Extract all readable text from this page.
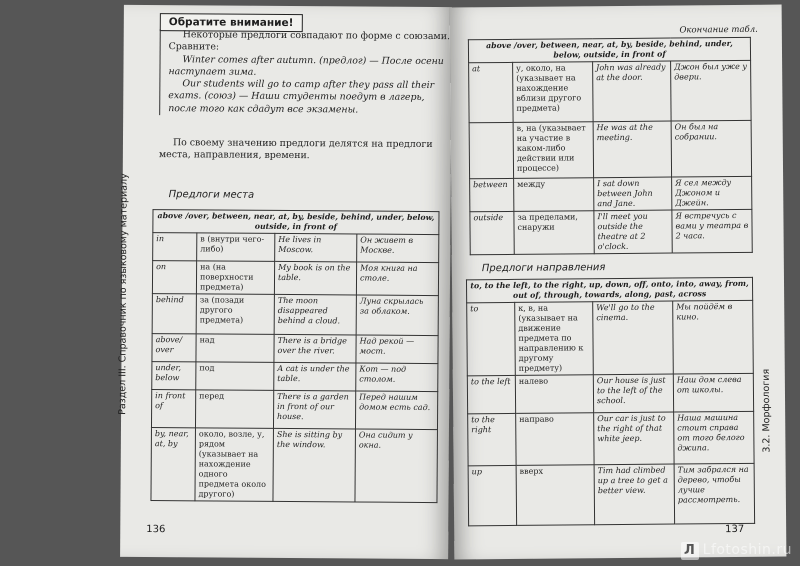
Раздел III. Справочник по языковому материалу
Обратите внимание!

Некоторые предлоги совпадают по форме с союзами. Сравните:

Winter comes after autumn. (предлог) — После осени наступает зима.

Our students will go to camp after they pass all their exams. (союз) — Наши студенты поедут в лагерь, после того как сдадут все экзамены.

По своему значению предлоги делятся на предлоги места, направления, времени.
Предлоги места
above /over, between, near, at, by, beside, behind, under, below, outside, in front of			
in	в (внутри чего-либо)	He lives in Moscow.	Он живет в Москве.
on	на (на поверхности предмета)	My book is on the table.	Моя книга на столе.
behind	за (позади другого предмета)	The moon disappeared behind a cloud.	Луна скрылась за облаком.
above/ over	над	There is a bridge over the river.	Над рекой — мост.
under, below	под	A cat is under the table.	Кот — под столом.
in front of	перед	There is a garden in front of our house.	Перед нашим домом есть сад.
by, near, at, by	около, возле, у, рядом (указывает на нахождение одного предмета около другого)	She is sitting by the window.	Она сидит у окна.
136
Окончание табл.
above /over, between, near, at, by, beside, behind, under, below, outside, in front of			
at	у, около, на (указывает на нахождение вблизи другого предмета)	John was already at the door.	Джон был уже у двери.
	в, на (указывает на участие в каком-либо действии или процессе)	He was at the meeting.	Он был на собрании.
between	между	I sat down between John and Jane.	Я сел между Джоном и Джейн.
outside	за пределами, снаружи	I'll meet you outside the theatre at 2 o'clock.	Я встречусь с вами у театра в 2 часа.
Предлоги направления
to, to the left, to the right, up, down, off, onto, into, away, from, out of, through, towards, along, past, across			
to	к, в, на (указывает на движение предмета по направлению к другому предмету)	We'll go to the cinema.	Мы пойдём в кино.
to the left	налево	Our house is just to the left of the school.	Наш дом слева от школы.
to the right	направо	Our car is just to the right of that white jeep.	Наша машина стоит справа от того белого джипа.
up	вверх	Tim had climbed up a tree to get a better view.	Тим забрался на дерево, чтобы лучше рассмотреть.
3.2. Морфология
137
Л Lfotoshin.ru
